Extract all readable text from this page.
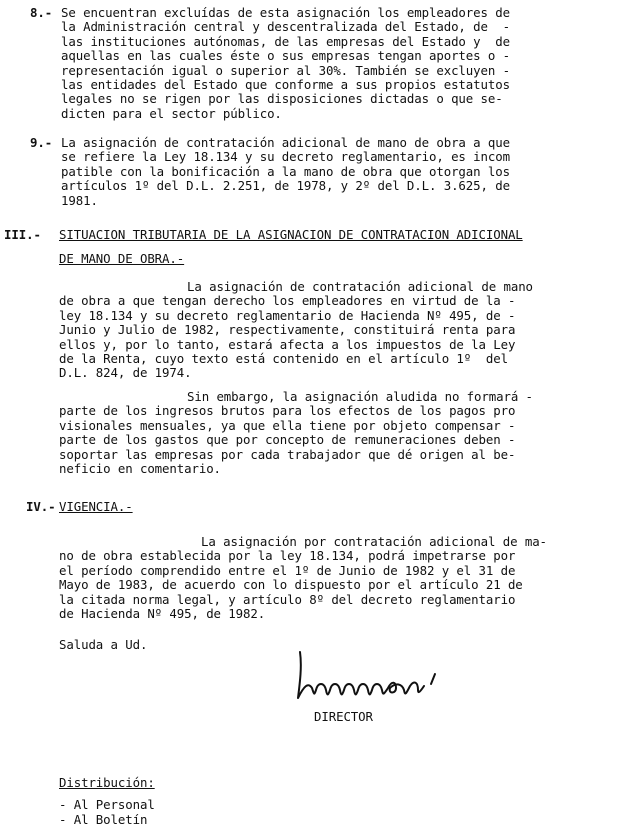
8.- Se encuentran excluídas de esta asignación los empleadores de
la Administración central y descentralizada del Estado, de  -
las instituciones autónomas, de las empresas del Estado y  de
aquellas en las cuales éste o sus empresas tengan aportes o -
representación igual o superior al 30%. También se excluyen -
las entidades del Estado que conforme a sus propios estatutos
legales no se rigen por las disposiciones dictadas o que se-
dicten para el sector público.
9.- La asignación de contratación adicional de mano de obra a que
se refiere la Ley 18.134 y su decreto reglamentario, es incom
patible con la bonificación a la mano de obra que otorgan los
artículos 1º del D.L. 2.251, de 1978, y 2º del D.L. 3.625, de
1981.
III.- SITUACION TRIBUTARIA DE LA ASIGNACION DE CONTRATACION ADICIONAL
DE MANO DE OBRA.-
La asignación de contratación adicional de mano
de obra a que tengan derecho los empleadores en virtud de la -
ley 18.134 y su decreto reglamentario de Hacienda Nº 495, de -
Junio y Julio de 1982, respectivamente, constituirá renta para
ellos y, por lo tanto, estará afecta a los impuestos de la Ley
de la Renta, cuyo texto está contenido en el artículo 1º  del
D.L. 824, de 1974.
Sin embargo, la asignación aludida no formará -
parte de los ingresos brutos para los efectos de los pagos pro
visionales mensuales, ya que ella tiene por objeto compensar -
parte de los gastos que por concepto de remuneraciones deben -
soportar las empresas por cada trabajador que dé origen al be-
neficio en comentario.
IV.- VIGENCIA.-
La asignación por contratación adicional de ma-
no de obra establecida por la ley 18.134, podrá impetrarse por
el período comprendido entre el 1º de Junio de 1982 y el 31 de
Mayo de 1983, de acuerdo con lo dispuesto por el artículo 21 de
la citada norma legal, y artículo 8º del decreto reglamentario
de Hacienda Nº 495, de 1982.
Saluda a Ud.
DIRECTOR
Distribución:
- Al Personal
- Al Boletín
